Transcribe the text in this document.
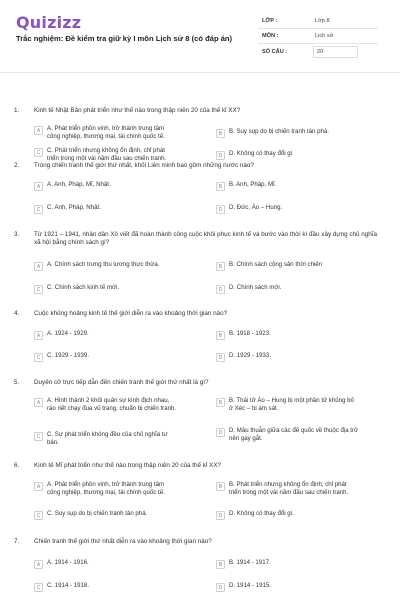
Quizizz
Trắc nghiệm: Đề kiểm tra giữ kỳ I môn Lịch sử 8 (có đáp án)
LỚP :	Lớp 8
MÔN :	Lịch sử
SỐ CÂU :	20
1. Kinh tế Nhật Bản phát triển như thế nào trong thập niên 20 của thế kỉ XX?
A	A. Phát triển phồn vinh, trở thành trung tâm công nghiệp, thương mại, tài chính quốc tế.	B	B. Suy sụp do bị chiến tranh tàn phá.
C	C. Phát triển nhưng không ổn định, chỉ phát triển trong một vài năm đầu sau chiến tranh.	D	D. Không có thay đổi gì
2. Trong chiến tranh thế giới thứ nhất, khối Liên minh bao gồm những nước nào?
A	A. Anh, Pháp, Mĩ, Nhật.	B	B. Anh, Pháp, Mĩ.
C	C. Anh, Pháp, Nhật.	D	D. Đức, Áo – Hung.
3. Từ 1921 – 1941, nhân dân Xô viết đã hoàn thành công cuộc khôi phục kinh tế và bước vào thời kì đầu xây dựng chủ nghĩa xã hội bằng chính sách gì?
A	A. Chính sách trưng thu lương thực thừa.	B	B. Chính sách cộng sản thời chiến
C	C. Chính sách kinh tế mới.	D	D. Chính sách mới.
4. Cuộc khủng hoảng kinh tế thế giới diễn ra vào khoảng thời gian nào?
A	A. 1924 - 1929.	B	B. 1918 - 1923.
C	C. 1929 - 1939.	D	D. 1929 - 1933.
5. Duyên cớ trực tiếp dẫn đến chiến tranh thế giới thứ nhất là gì?
A	A. Hình thành 2 khối quân sự kình địch nhau, ráo riết chạy đua vũ trang, chuẩn bị chiến tranh.
B	B. Thái tử Áo – Hung bị một phần tử khủng bố ở Xéc – bi ám sát.
C	C. Sự phát triển không đều của chủ nghĩa tư bản.
D	D. Mâu thuẫn giữa các đế quốc về thuộc địa trở nên gay gắt.
6. Kinh tế Mĩ phát triển như thế nào trong thập niên 20 của thế kỉ XX?
A	A. Phát triển phồn vinh, trở thành trung tâm công nghiệp, thương mại, tài chính quốc tế.
B	B. Phát triển nhưng không ổn định, chỉ phát triển trong một vài năm đầu sau chiến tranh.
C	C. Suy sụp do bị chiến tranh tàn phá.	D	D. Không có thay đổi gì.
7. Chiến tranh thế giới thứ nhất diễn ra vào khoảng thời gian nào?
A	A. 1914 - 1916.	B	B. 1914 - 1917.
C	C. 1914 - 1918.	D	D. 1914 - 1915.
